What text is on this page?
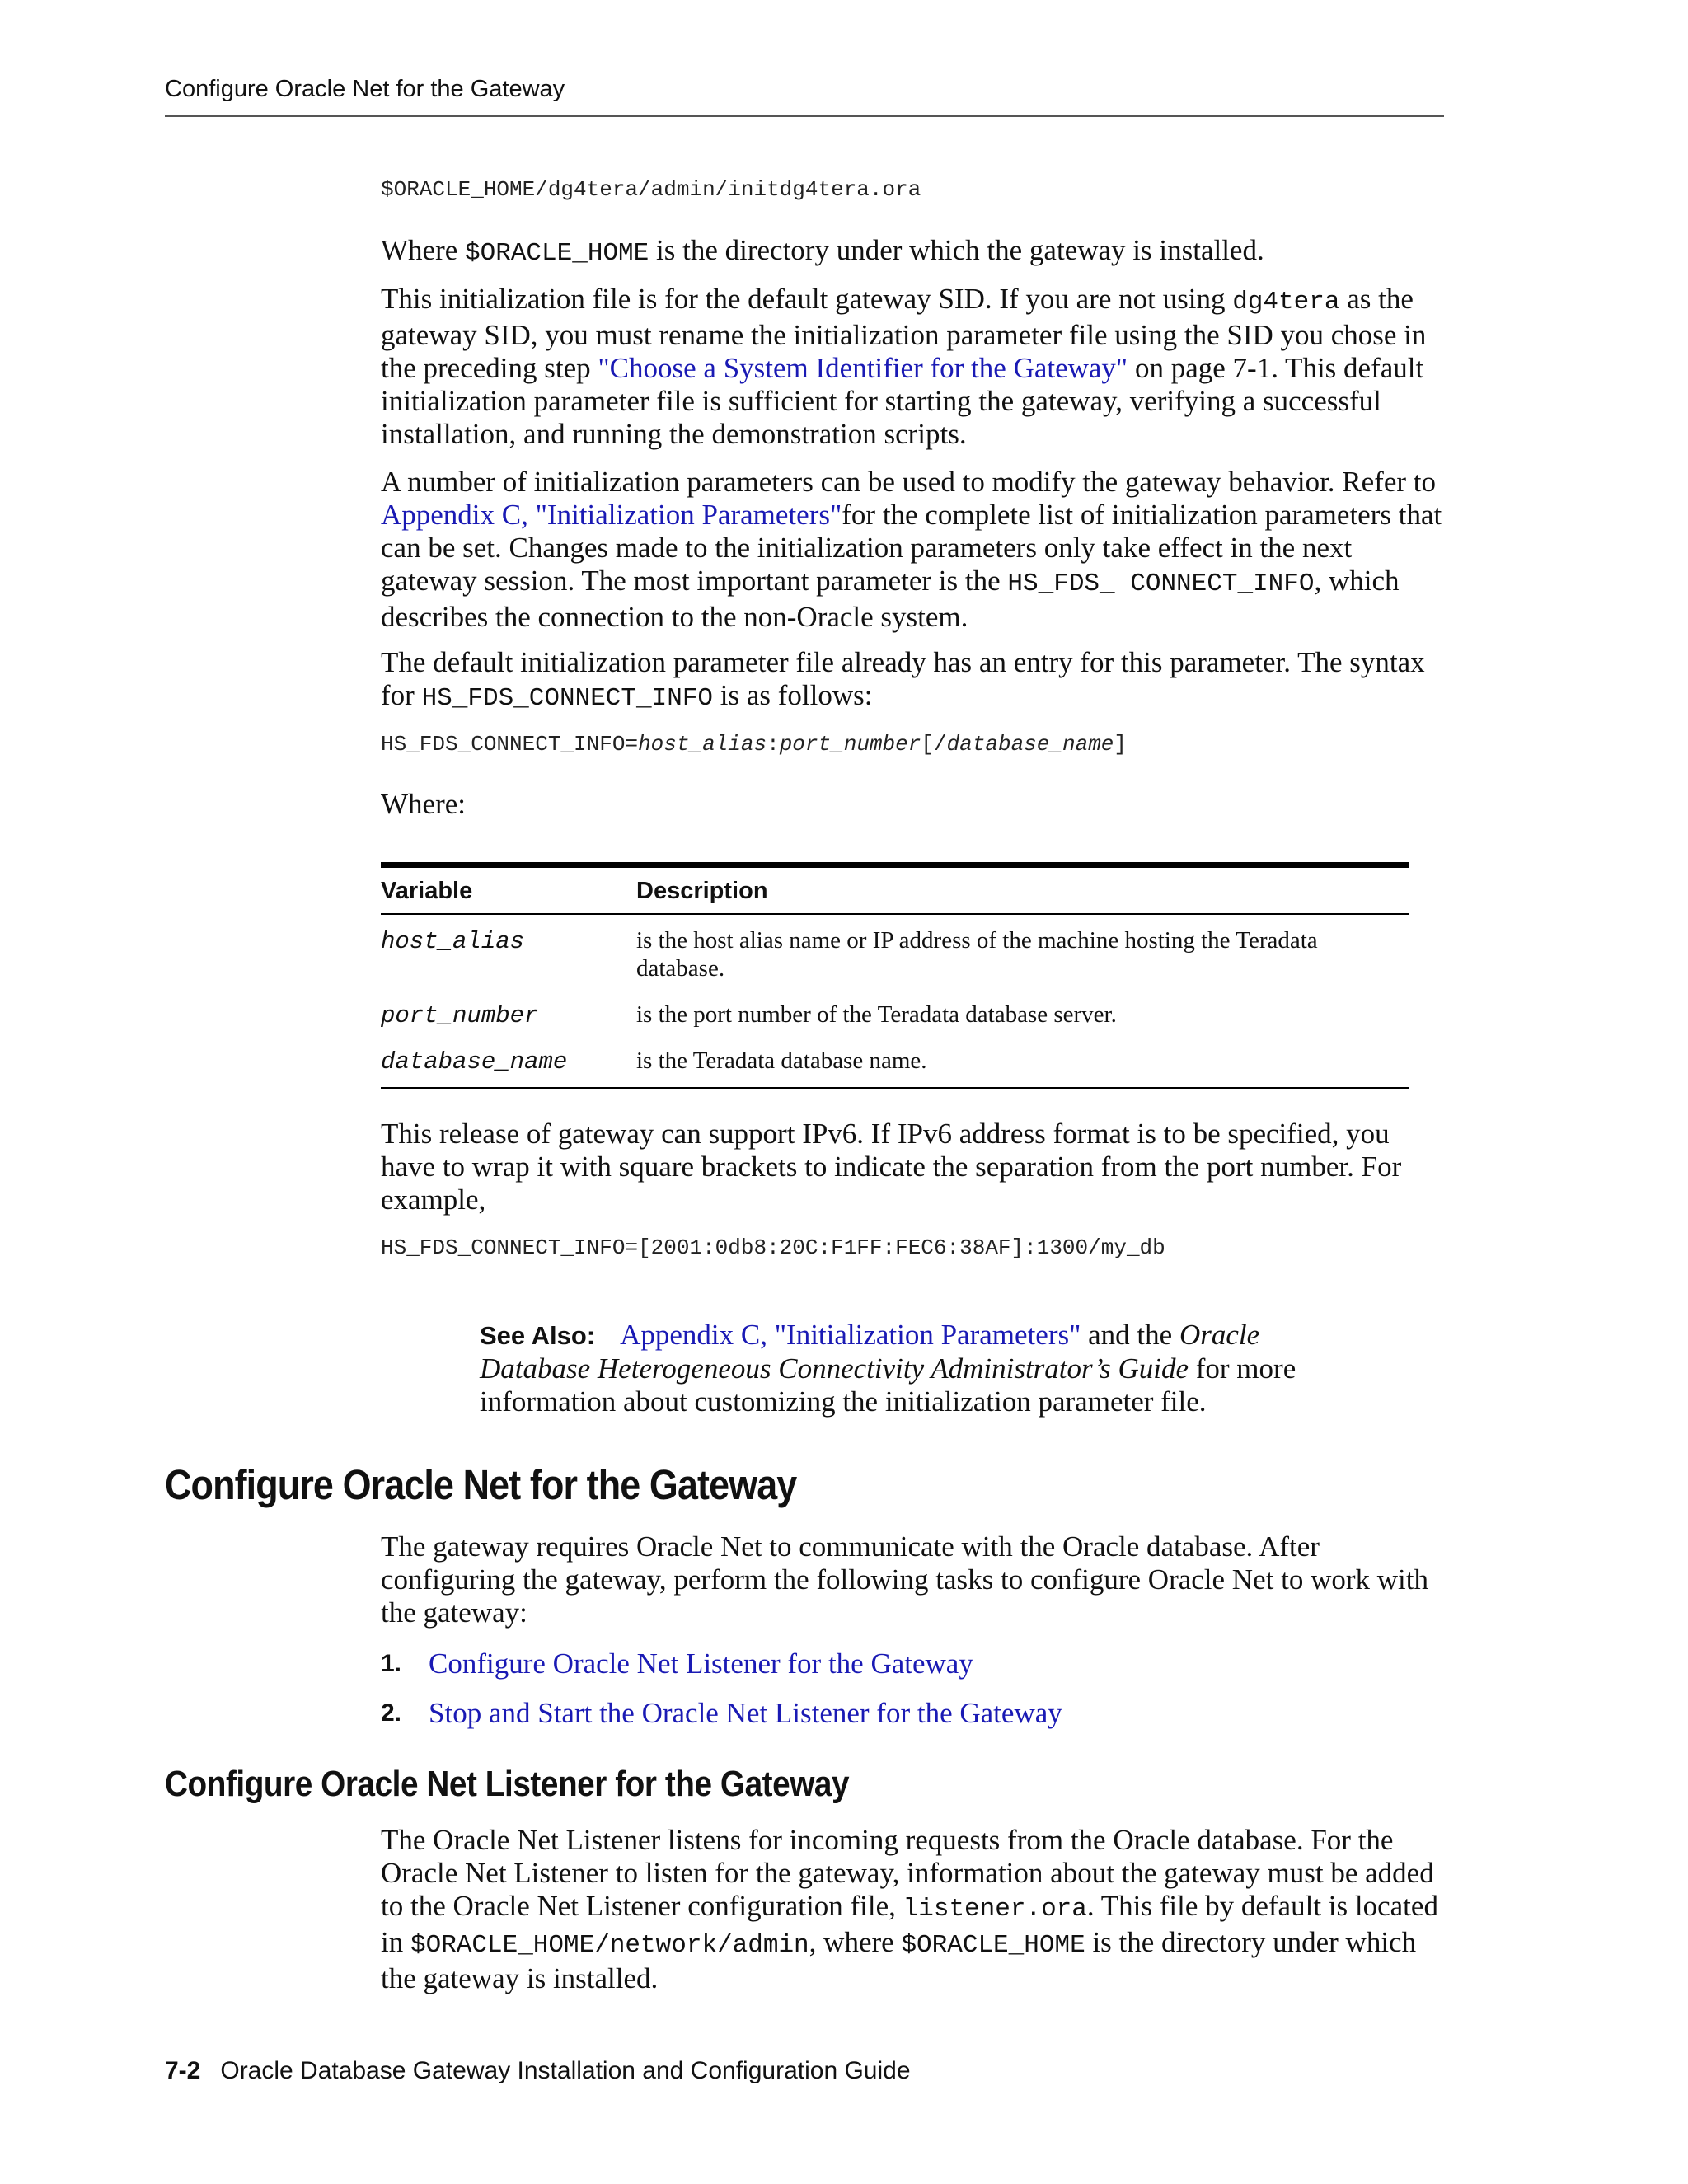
Configure Oracle Net for the Gateway
$ORACLE_HOME/dg4tera/admin/initdg4tera.ora

Where $ORACLE_HOME is the directory under which the gateway is installed.

This initialization file is for the default gateway SID. If you are not using dg4tera as the gateway SID, you must rename the initialization parameter file using the SID you chose in the preceding step "Choose a System Identifier for the Gateway" on page 7-1. This default initialization parameter file is sufficient for starting the gateway, verifying a successful installation, and running the demonstration scripts.

A number of initialization parameters can be used to modify the gateway behavior. Refer to Appendix C, "Initialization Parameters"for the complete list of initialization parameters that can be set. Changes made to the initialization parameters only take effect in the next gateway session. The most important parameter is the HS_FDS_ CONNECT_INFO, which describes the connection to the non-Oracle system.

The default initialization parameter file already has an entry for this parameter. The syntax for HS_FDS_CONNECT_INFO is as follows:

HS_FDS_CONNECT_INFO=host_alias:port_number[/database_name]

Where:

Variable	Description
host_alias	is the host alias name or IP address of the machine hosting the Teradata database.
port_number	is the port number of the Teradata database server.
database_name	is the Teradata database name.

This release of gateway can support IPv6. If IPv6 address format is to be specified, you have to wrap it with square brackets to indicate the separation from the port number. For example,

HS_FDS_CONNECT_INFO=[2001:0db8:20C:F1FF:FEC6:38AF]:1300/my_db

See Also: Appendix C, "Initialization Parameters" and the Oracle Database Heterogeneous Connectivity Administrator’s Guide for more information about customizing the initialization parameter file.

Configure Oracle Net for the Gateway

The gateway requires Oracle Net to communicate with the Oracle database. After configuring the gateway, perform the following tasks to configure Oracle Net to work with the gateway:

1. Configure Oracle Net Listener for the Gateway
2. Stop and Start the Oracle Net Listener for the Gateway
Configure Oracle Net Listener for the Gateway

The Oracle Net Listener listens for incoming requests from the Oracle database. For the Oracle Net Listener to listen for the gateway, information about the gateway must be added to the Oracle Net Listener configuration file, listener.ora. This file by default is located in $ORACLE_HOME/network/admin, where $ORACLE_HOME is the directory under which the gateway is installed.

7-2 Oracle Database Gateway Installation and Configuration Guide
